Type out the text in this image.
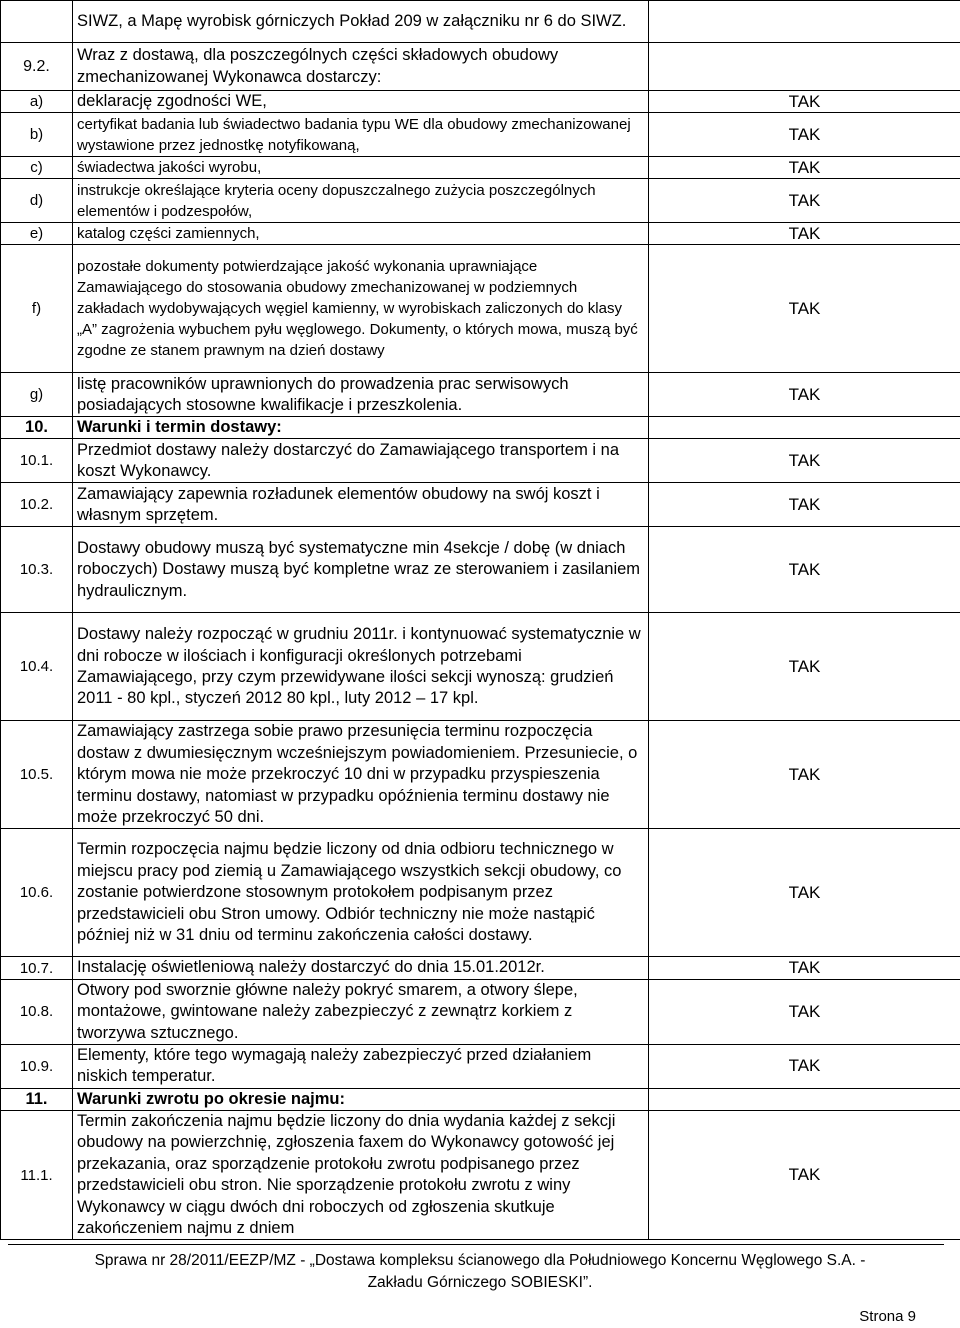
	SIWZ, a Mapę wyrobisk górniczych Pokład 209 w załączniku nr 6 do SIWZ.	
9.2.	Wraz z dostawą, dla poszczególnych części składowych obudowy zmechanizowanej Wykonawca dostarczy:	
a)	deklarację zgodności WE,	TAK
b)	certyfikat badania lub świadectwo badania typu WE dla obudowy zmechanizowanej wystawione przez jednostkę notyfikowaną,	TAK
c)	świadectwa jakości wyrobu,	TAK
d)	instrukcje określające kryteria oceny dopuszczalnego zużycia poszczególnych elementów i podzespołów,	TAK
e)	katalog części zamiennych,	TAK
f)	pozostałe dokumenty potwierdzające jakość wykonania uprawniające Zamawiającego do stosowania obudowy zmechanizowanej w podziemnych zakładach wydobywających węgiel kamienny, w wyrobiskach zaliczonych do klasy „A” zagrożenia wybuchem pyłu węglowego. Dokumenty, o których mowa, muszą być zgodne ze stanem prawnym na dzień dostawy	TAK
g)	listę pracowników uprawnionych do prowadzenia prac serwisowych posiadających stosowne kwalifikacje i przeszkolenia.	TAK
10.	Warunki i termin dostawy:	
10.1.	Przedmiot dostawy należy dostarczyć do Zamawiającego transportem i na koszt Wykonawcy.	TAK
10.2.	Zamawiający zapewnia rozładunek elementów obudowy na swój koszt i własnym sprzętem.	TAK
10.3.	Dostawy obudowy muszą być systematyczne min 4sekcje / dobę (w dniach roboczych) Dostawy muszą być kompletne wraz ze sterowaniem i zasilaniem hydraulicznym.	TAK
10.4.	Dostawy należy rozpocząć w grudniu 2011r. i kontynuować systematycznie w dni robocze w ilościach i konfiguracji określonych potrzebami Zamawiającego, przy czym przewidywane ilości sekcji wynoszą: grudzień 2011 - 80 kpl., styczeń 2012 80 kpl., luty 2012 – 17 kpl.	TAK
10.5.	Zamawiający zastrzega sobie prawo przesunięcia terminu rozpoczęcia dostaw z dwumiesięcznym wcześniejszym powiadomieniem. Przesuniecie, o którym mowa nie może przekroczyć 10 dni w przypadku przyspieszenia terminu dostawy, natomiast w przypadku opóźnienia terminu dostawy nie może przekroczyć 50 dni.	TAK
10.6.	Termin rozpoczęcia najmu będzie liczony od dnia odbioru technicznego w miejscu pracy pod ziemią u Zamawiającego wszystkich sekcji obudowy, co zostanie potwierdzone stosownym protokołem podpisanym przez przedstawicieli obu Stron umowy. Odbiór techniczny nie może nastąpić później niż w 31 dniu od terminu zakończenia całości dostawy.	TAK
10.7.	Instalację oświetleniową należy dostarczyć do dnia 15.01.2012r.	TAK
10.8.	Otwory pod sworznie główne należy pokryć smarem, a otwory ślepe, montażowe, gwintowane należy zabezpieczyć z zewnątrz korkiem z tworzywa sztucznego.	TAK
10.9.	Elementy, które tego wymagają należy zabezpieczyć przed działaniem niskich temperatur.	TAK
11.	Warunki zwrotu po okresie najmu:	
11.1.	Termin zakończenia najmu będzie liczony do dnia wydania każdej z sekcji obudowy na powierzchnię, zgłoszenia faxem do Wykonawcy gotowość jej przekazania, oraz sporządzenie protokołu zwrotu podpisanego przez przedstawicieli obu stron. Nie sporządzenie protokołu zwrotu z winy Wykonawcy w ciągu dwóch dni roboczych od zgłoszenia skutkuje zakończeniem najmu z dniem	TAK
Sprawa nr 28/2011/EEZP/MZ - „Dostawa kompleksu ścianowego dla Południowego Koncernu Węglowego S.A. -
Zakładu Górniczego SOBIESKI”.
Strona 9
